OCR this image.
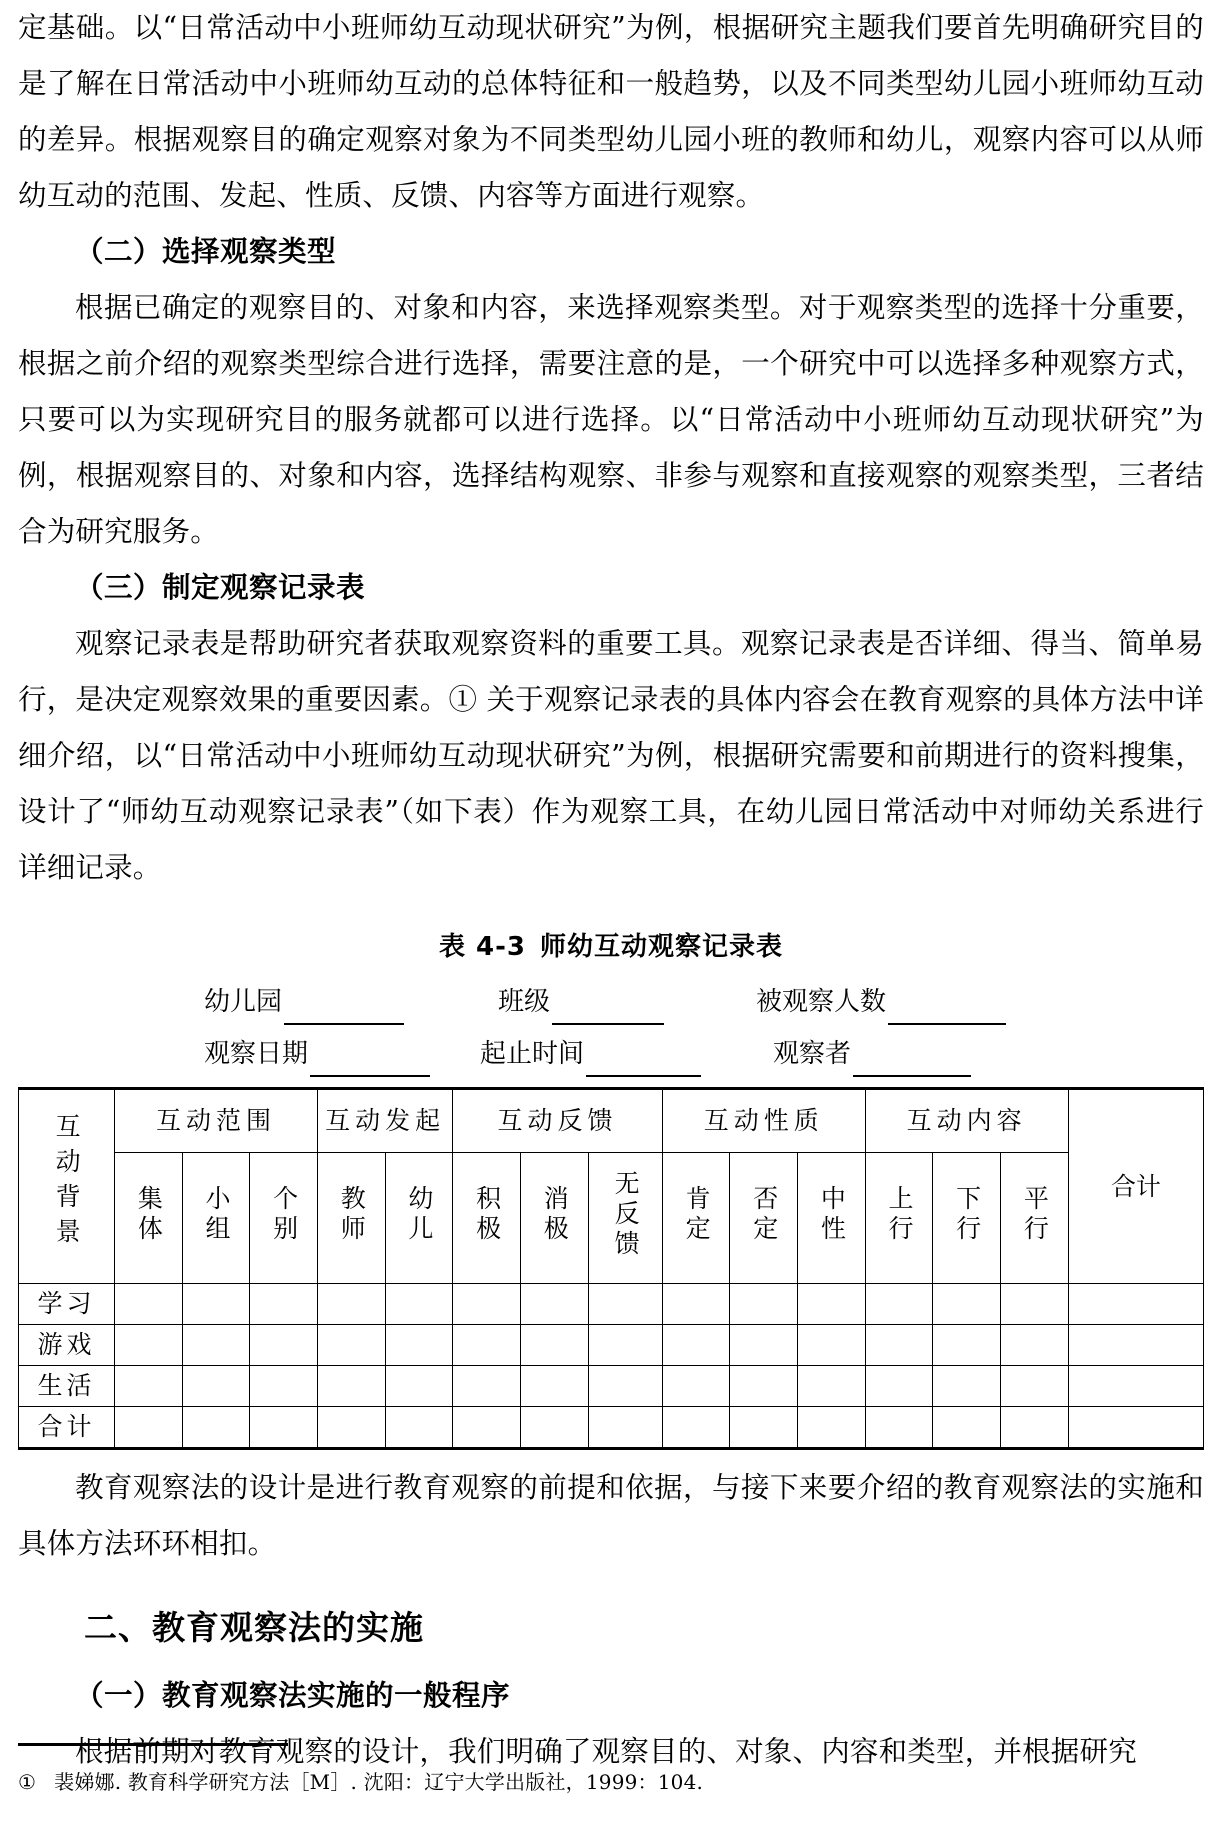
定基础。以“日常活动中小班师幼互动现状研究”为例，根据研究主题我们要首先明确研究目的是了解在日常活动中小班师幼互动的总体特征和一般趋势，以及不同类型幼儿园小班师幼互动的差异。根据观察目的确定观察对象为不同类型幼儿园小班的教师和幼儿，观察内容可以从师幼互动的范围、发起、性质、反馈、内容等方面进行观察。

（二）选择观察类型

根据已确定的观察目的、对象和内容，来选择观察类型。对于观察类型的选择十分重要，根据之前介绍的观察类型综合进行选择，需要注意的是，一个研究中可以选择多种观察方式，只要可以为实现研究目的服务就都可以进行选择。以“日常活动中小班师幼互动现状研究”为例，根据观察目的、对象和内容，选择结构观察、非参与观察和直接观察的观察类型，三者结合为研究服务。

（三）制定观察记录表

观察记录表是帮助研究者获取观察资料的重要工具。观察记录表是否详细、得当、简单易行，是决定观察效果的重要因素。① 关于观察记录表的具体内容会在教育观察的具体方法中详细介绍，以“日常活动中小班师幼互动现状研究”为例，根据研究需要和前期进行的资料搜集，设计了“师幼互动观察记录表”（如下表）作为观察工具，在幼儿园日常活动中对师幼关系进行详细记录。

表 4-3 师幼互动观察记录表
幼儿园	班级	被观察人数
观察日期	起止时间	观察者
互动背景	互动范围			互动发起		互动反馈			互动性质			互动内容			合计
	集体	小组	个别	教师	幼儿	积极	消极	无反馈	肯定	否定	中性	上行	下行	平行	
学习															
游戏															
生活															
合计															

教育观察法的设计是进行教育观察的前提和依据，与接下来要介绍的教育观察法的实施和具体方法环环相扣。

二、教育观察法的实施
（一）教育观察法实施的一般程序

根据前期对教育观察的设计，我们明确了观察目的、对象、内容和类型，并根据研究

① 裴娣娜. 教育科学研究方法［M］. 沈阳：辽宁大学出版社，1999：104.
